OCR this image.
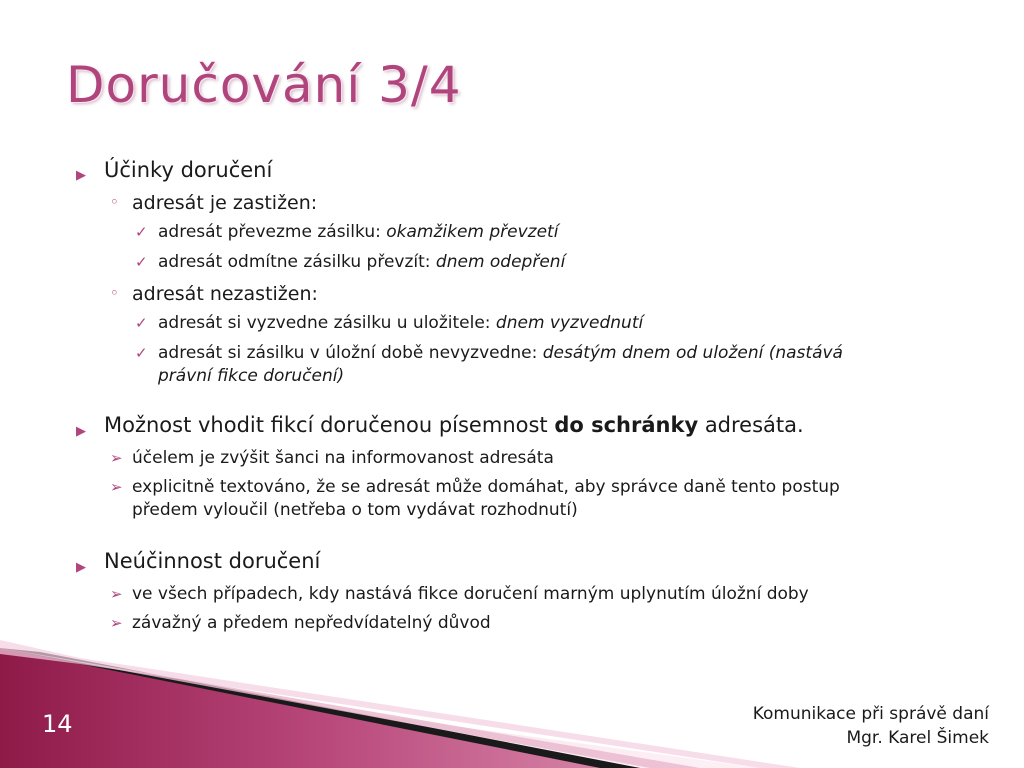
Doručování 3/4
▶ Účinky doručení
◦ adresát je zastižen:
✓ adresát převezme zásilku: okamžikem převzetí
✓ adresát odmítne zásilku převzít: dnem odepření
◦ adresát nezastižen:
✓ adresát si vyzvedne zásilku u uložitele: dnem vyzvednutí
✓ adresát si zásilku v úložní době nevyzvedne: desátým dnem od uložení (nastává
právní fikce doručení)
▶ Možnost vhodit fikcí doručenou písemnost do schránky adresáta.
➢ účelem je zvýšit šanci na informovanost adresáta
➢ explicitně textováno, že se adresát může domáhat, aby správce daně tento postup
předem vyloučil (netřeba o tom vydávat rozhodnutí)
▶ Neúčinnost doručení
➢ ve všech případech, kdy nastává fikce doručení marným uplynutím úložní doby
➢ závažný a předem nepředvídatelný důvod
14	Komunikace při správě daní
Mgr. Karel Šimek
